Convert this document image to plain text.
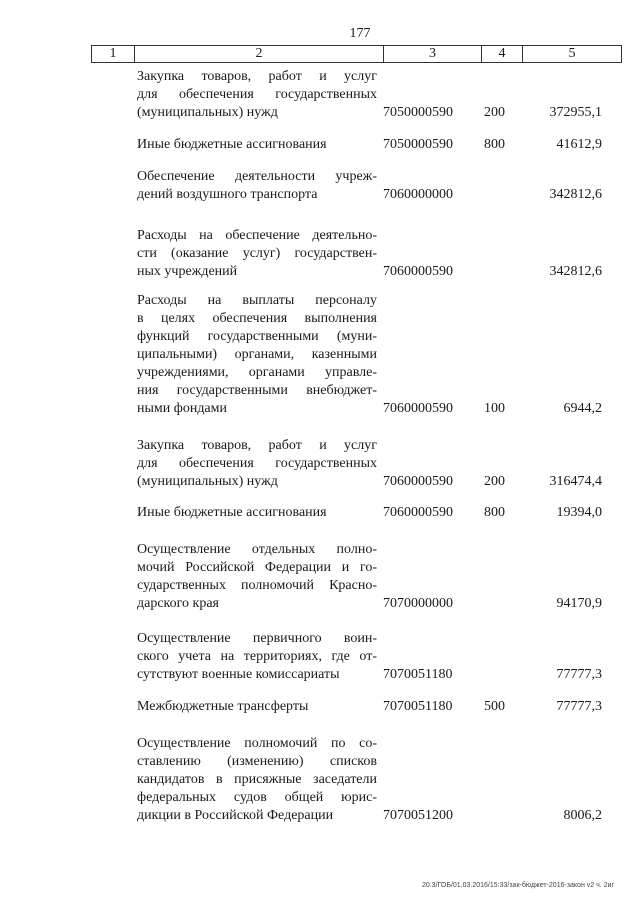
177
1	2	3	4	5
Закупка товаров, работ и услуг
для обеспечения государственных
(муниципальных) нужд	7050000590 200	372955,1
Иные бюджетные ассигнования	7050000590 800	41612,9
Обеспечение деятельности учреж-
дений воздушного транспорта	7060000000	342812,6
Расходы на обеспечение деятельно-
сти (оказание услуг) государствен-
ных учреждений	7060000590	342812,6
Расходы на выплаты персоналу
в целях обеспечения выполнения
функций государственными (муни-
ципальными) органами, казенными
учреждениями, органами управле-
ния государственными внебюджет-
ными фондами	7060000590 100	6944,2
Закупка товаров, работ и услуг
для обеспечения государственных
(муниципальных) нужд	7060000590 200	316474,4
Иные бюджетные ассигнования	7060000590 800	19394,0
Осуществление отдельных полно-
мочий Российской Федерации и го-
сударственных полномочий Красно-
дарского края	7070000000	94170,9
Осуществление первичного воин-
ского учета на территориях, где от-
сутствуют военные комиссариаты	7070051180	77777,3
Межбюджетные трансферты	7070051180 500	77777,3
Осуществление полномочий по со-
ставлению (изменению) списков
кандидатов в присяжные заседатели
федеральных судов общей юрис-
дикции в Российской Федерации	7070051200	8006,2
20.3/ГОБ/01.03.2016/15:33/зак-бюджет-2016-закон v2 ч. 2иг
